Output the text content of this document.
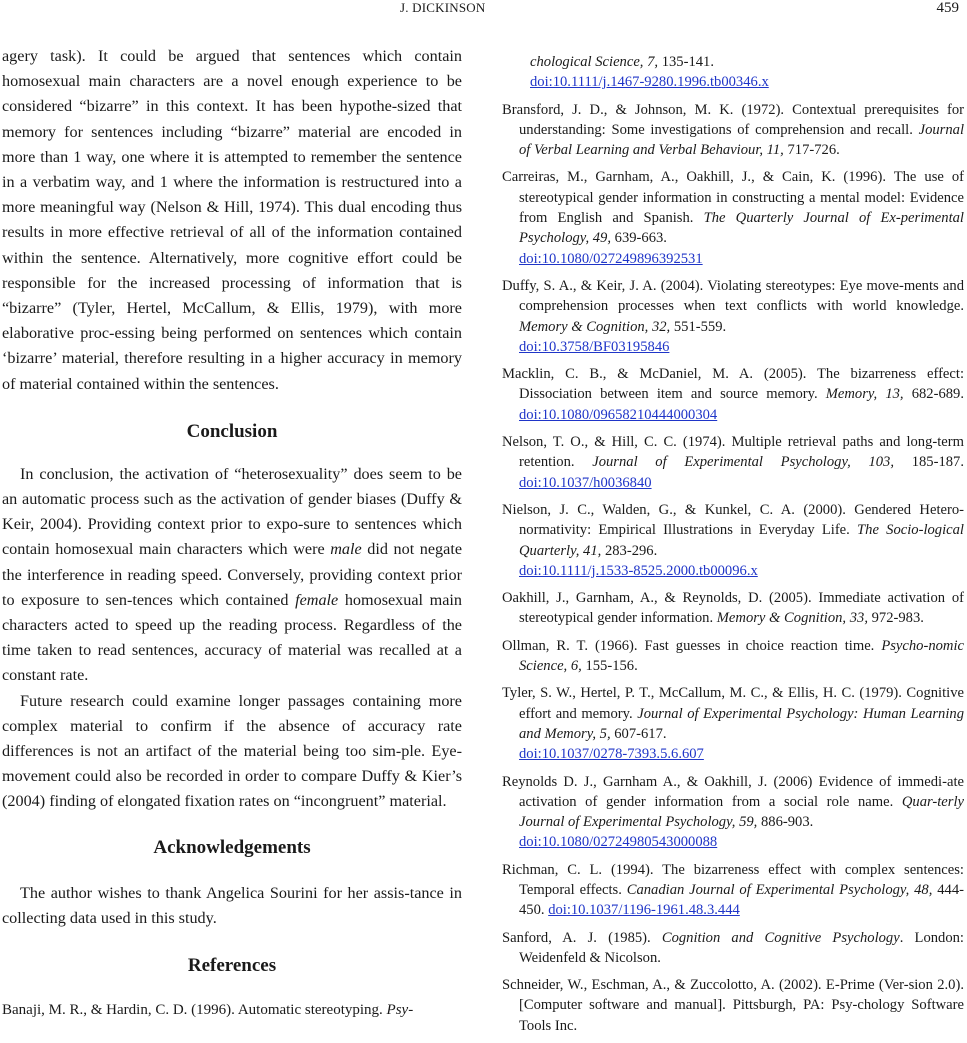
J. DICKINSON	459

agery task). It could be argued that sentences which contain homosexual main characters are a novel enough experience to be considered “bizarre” in this context. It has been hypothe-sized that memory for sentences including “bizarre” material are encoded in more than 1 way, one where it is attempted to remember the sentence in a verbatim way, and 1 where the information is restructured into a more meaningful way (Nelson & Hill, 1974). This dual encoding thus results in more effective retrieval of all of the information contained within the sentence. Alternatively, more cognitive effort could be responsible for the increased processing of information that is “bizarre” (Tyler, Hertel, McCallum, & Ellis, 1979), with more elaborative proc-essing being performed on sentences which contain ‘bizarre’ material, therefore resulting in a higher accuracy in memory of material contained within the sentences.

Conclusion

In conclusion, the activation of “heterosexuality” does seem to be an automatic process such as the activation of gender biases (Duffy & Keir, 2004). Providing context prior to expo-sure to sentences which contain homosexual main characters which were male did not negate the interference in reading speed. Conversely, providing context prior to exposure to sen-tences which contained female homosexual main characters acted to speed up the reading process. Regardless of the time taken to read sentences, accuracy of material was recalled at a constant rate.

Future research could examine longer passages containing more complex material to confirm if the absence of accuracy rate differences is not an artifact of the material being too sim-ple. Eye-movement could also be recorded in order to compare Duffy & Kier’s (2004) finding of elongated fixation rates on “incongruent” material.

Acknowledgements

The author wishes to thank Angelica Sourini for her assis-tance in collecting data used in this study.

References

Banaji, M. R., & Hardin, C. D. (1996). Automatic stereotyping. Psy-

chological Science, 7, 135-141.
doi:10.1111/j.1467-9280.1996.tb00346.x

Bransford, J. D., & Johnson, M. K. (1972). Contextual prerequisites for understanding: Some investigations of comprehension and recall. Journal of Verbal Learning and Verbal Behaviour, 11, 717-726.

Carreiras, M., Garnham, A., Oakhill, J., & Cain, K. (1996). The use of stereotypical gender information in constructing a mental model: Evidence from English and Spanish. The Quarterly Journal of Ex-perimental Psychology, 49, 639-663.
doi:10.1080/027249896392531

Duffy, S. A., & Keir, J. A. (2004). Violating stereotypes: Eye move-ments and comprehension processes when text conflicts with world knowledge. Memory & Cognition, 32, 551-559.
doi:10.3758/BF03195846

Macklin, C. B., & McDaniel, M. A. (2005). The bizarreness effect: Dissociation between item and source memory. Memory, 13, 682-689. doi:10.1080/09658210444000304

Nelson, T. O., & Hill, C. C. (1974). Multiple retrieval paths and long-term retention. Journal of Experimental Psychology, 103, 185-187. doi:10.1037/h0036840

Nielson, J. C., Walden, G., & Kunkel, C. A. (2000). Gendered Hetero-normativity: Empirical Illustrations in Everyday Life. The Socio-logical Quarterly, 41, 283-296.
doi:10.1111/j.1533-8525.2000.tb00096.x

Oakhill, J., Garnham, A., & Reynolds, D. (2005). Immediate activation of stereotypical gender information. Memory & Cognition, 33, 972-983.

Ollman, R. T. (1966). Fast guesses in choice reaction time. Psycho-nomic Science, 6, 155-156.

Tyler, S. W., Hertel, P. T., McCallum, M. C., & Ellis, H. C. (1979). Cognitive effort and memory. Journal of Experimental Psychology: Human Learning and Memory, 5, 607-617.
doi:10.1037/0278-7393.5.6.607

Reynolds D. J., Garnham A., & Oakhill, J. (2006) Evidence of immedi-ate activation of gender information from a social role name. Quar-terly Journal of Experimental Psychology, 59, 886-903.
doi:10.1080/02724980543000088

Richman, C. L. (1994). The bizarreness effect with complex sentences: Temporal effects. Canadian Journal of Experimental Psychology, 48, 444-450. doi:10.1037/1196-1961.48.3.444

Sanford, A. J. (1985). Cognition and Cognitive Psychology. London: Weidenfeld & Nicolson.

Schneider, W., Eschman, A., & Zuccolotto, A. (2002). E-Prime (Ver-sion 2.0). [Computer software and manual]. Pittsburgh, PA: Psy-chology Software Tools Inc.
